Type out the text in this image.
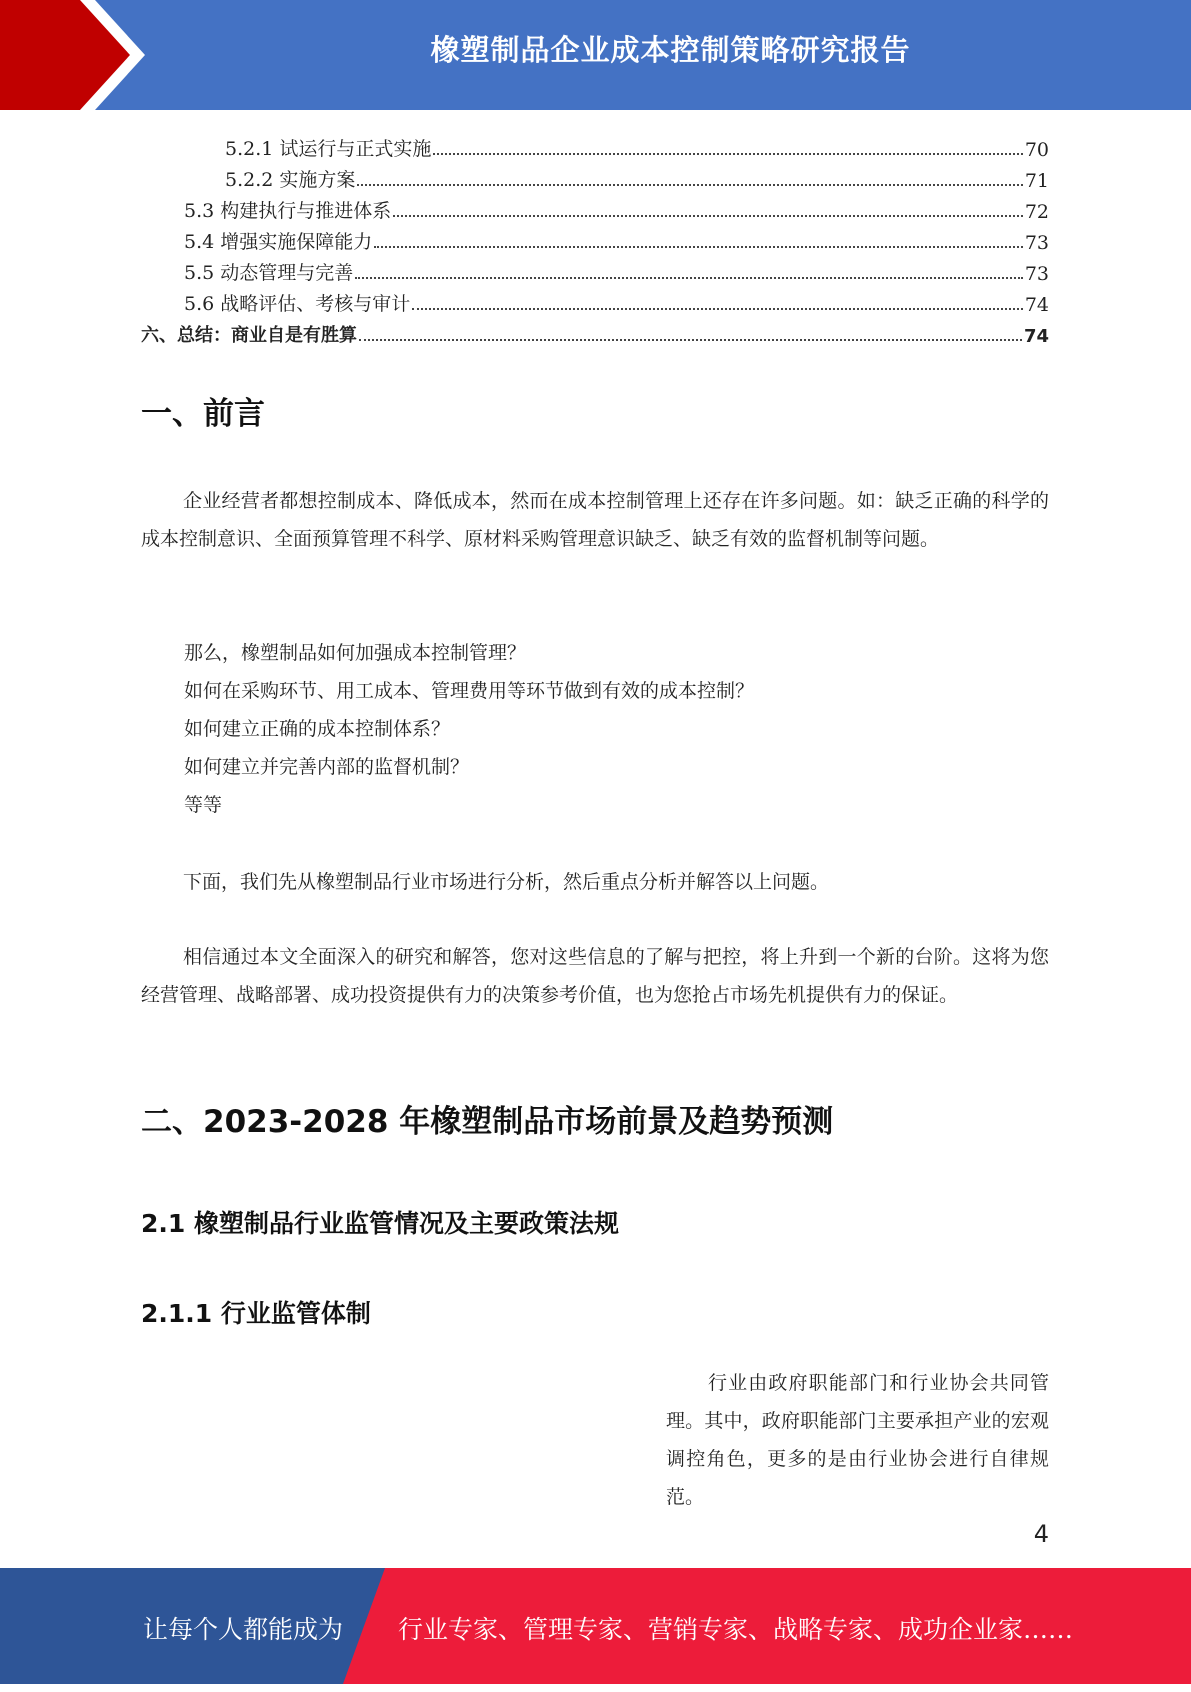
橡塑制品企业成本控制策略研究报告
5.2.1 试运行与正式实施	70
5.2.2 实施方案	71
5.3 构建执行与推进体系	72
5.4 增强实施保障能力	73
5.5 动态管理与完善	73
5.6 战略评估、考核与审计	74
六、总结：商业自是有胜算	74
一、前言
企业经营者都想控制成本、降低成本，然而在成本控制管理上还存在许多问题。如：缺乏正确的科学的成本控制意识、全面预算管理不科学、原材料采购管理意识缺乏、缺乏有效的监督机制等问题。
那么，橡塑制品如何加强成本控制管理？
如何在采购环节、用工成本、管理费用等环节做到有效的成本控制？
如何建立正确的成本控制体系？
如何建立并完善内部的监督机制？
等等
下面，我们先从橡塑制品行业市场进行分析，然后重点分析并解答以上问题。
相信通过本文全面深入的研究和解答，您对这些信息的了解与把控，将上升到一个新的台阶。这将为您经营管理、战略部署、成功投资提供有力的决策参考价值，也为您抢占市场先机提供有力的保证。
二、2023-2028 年橡塑制品市场前景及趋势预测
2.1 橡塑制品行业监管情况及主要政策法规
2.1.1 行业监管体制
行业由政府职能部门和行业协会共同管理。其中，政府职能部门主要承担产业的宏观调控角色，更多的是由行业协会进行自律规范。
4
让每个人都能成为 行业专家、管理专家、营销专家、战略专家、成功企业家……
